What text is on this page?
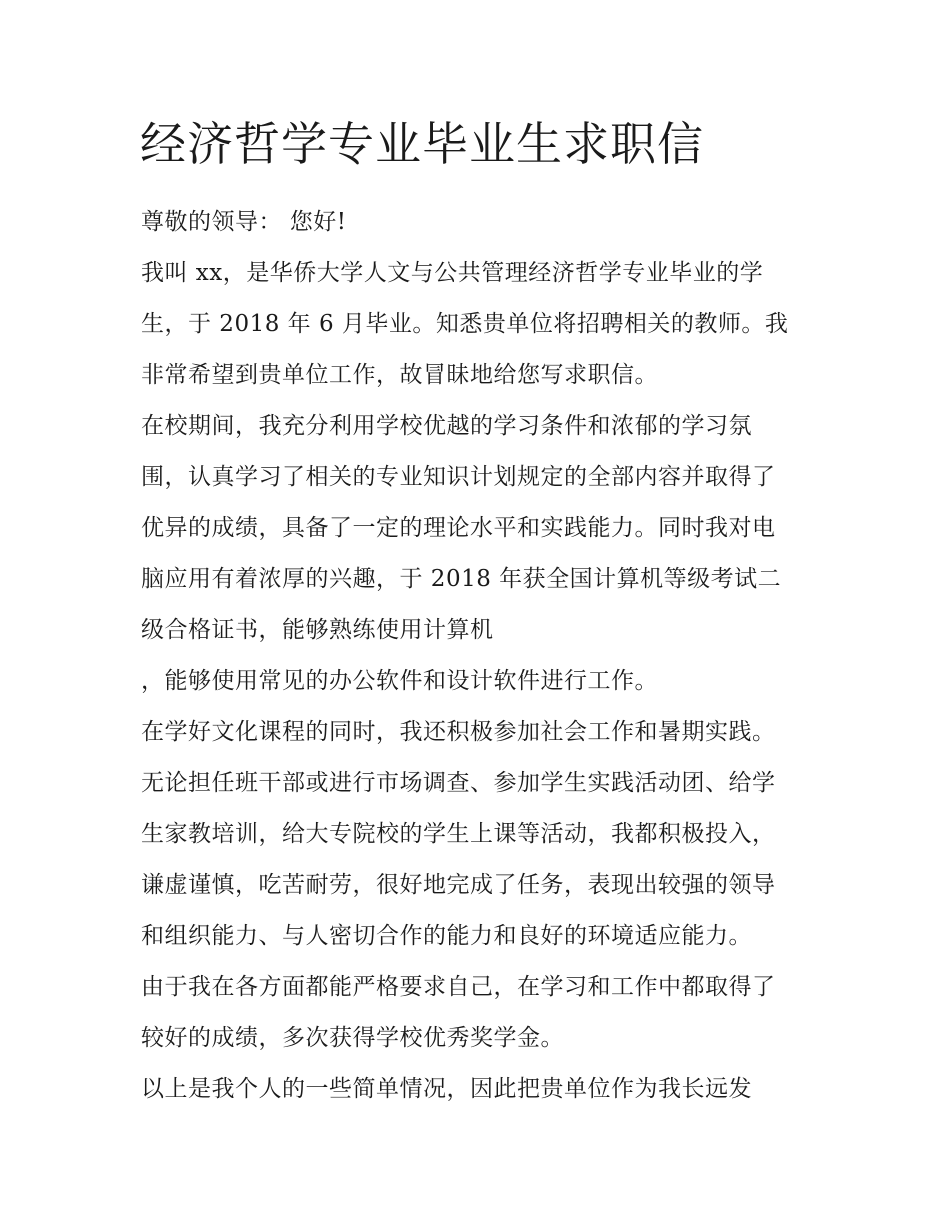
经济哲学专业毕业生求职信

尊敬的领导： 您好!

我叫 xx，是华侨大学人文与公共管理经济哲学专业毕业的学

生，于 2018 年 6 月毕业。知悉贵单位将招聘相关的教师。我

非常希望到贵单位工作，故冒昧地给您写求职信。

在校期间，我充分利用学校优越的学习条件和浓郁的学习氛

围，认真学习了相关的专业知识计划规定的全部内容并取得了

优异的成绩，具备了一定的理论水平和实践能力。同时我对电

脑应用有着浓厚的兴趣，于 2018 年获全国计算机等级考试二

级合格证书，能够熟练使用计算机

，能够使用常见的办公软件和设计软件进行工作。

在学好文化课程的同时，我还积极参加社会工作和暑期实践。

无论担任班干部或进行市场调查、参加学生实践活动团、给学

生家教培训，给大专院校的学生上课等活动，我都积极投入，

谦虚谨慎，吃苦耐劳，很好地完成了任务，表现出较强的领导

和组织能力、与人密切合作的能力和良好的环境适应能力。

由于我在各方面都能严格要求自己，在学习和工作中都取得了

较好的成绩，多次获得学校优秀奖学金。

以上是我个人的一些简单情况，因此把贵单位作为我长远发
